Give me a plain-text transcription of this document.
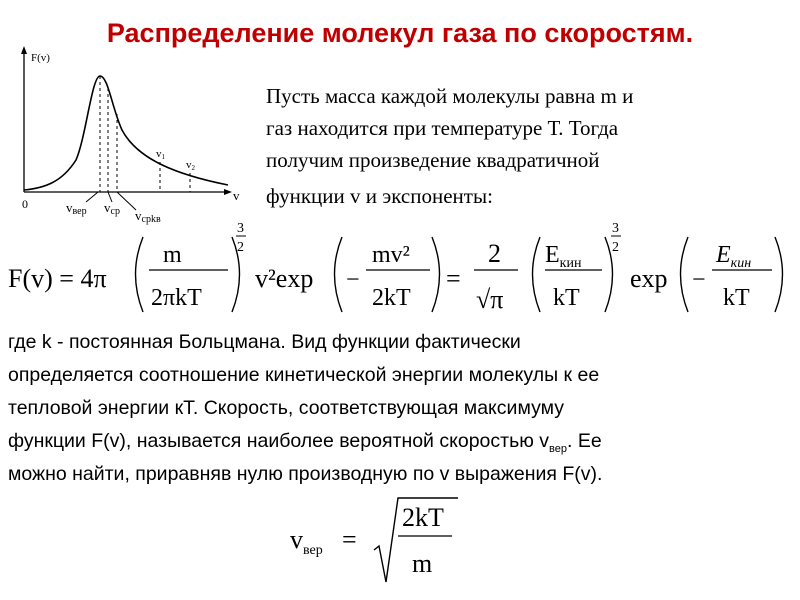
Распределение молекул газа по скоростям.
F(v)
v
0
v1
v2
vвер vср vсрkв
Пусть масса каждой молекулы равна m и
газ находится при температуре Т. Тогда
получим произведение квадратичной
функции v и экспоненты:
F(v) = 4π
m
2πkT
3
2
v²exp −
mv²
2kT
=
2
√π
$E_{кин}$
kT
3
2
exp −
$E_{кин}$
kT
где k - постоянная Больцмана. Вид функции фактически
определяется соотношение кинетической энергии молекулы к ее
тепловой энергии кТ. Скорость, соответствующая максимуму
функции F(v), называется наиболее вероятной скоростью $v_{вер}$. Ее
можно найти, приравняв нулю производную по v выражения F(v).
$v_{вер}$ =
2kT
m
